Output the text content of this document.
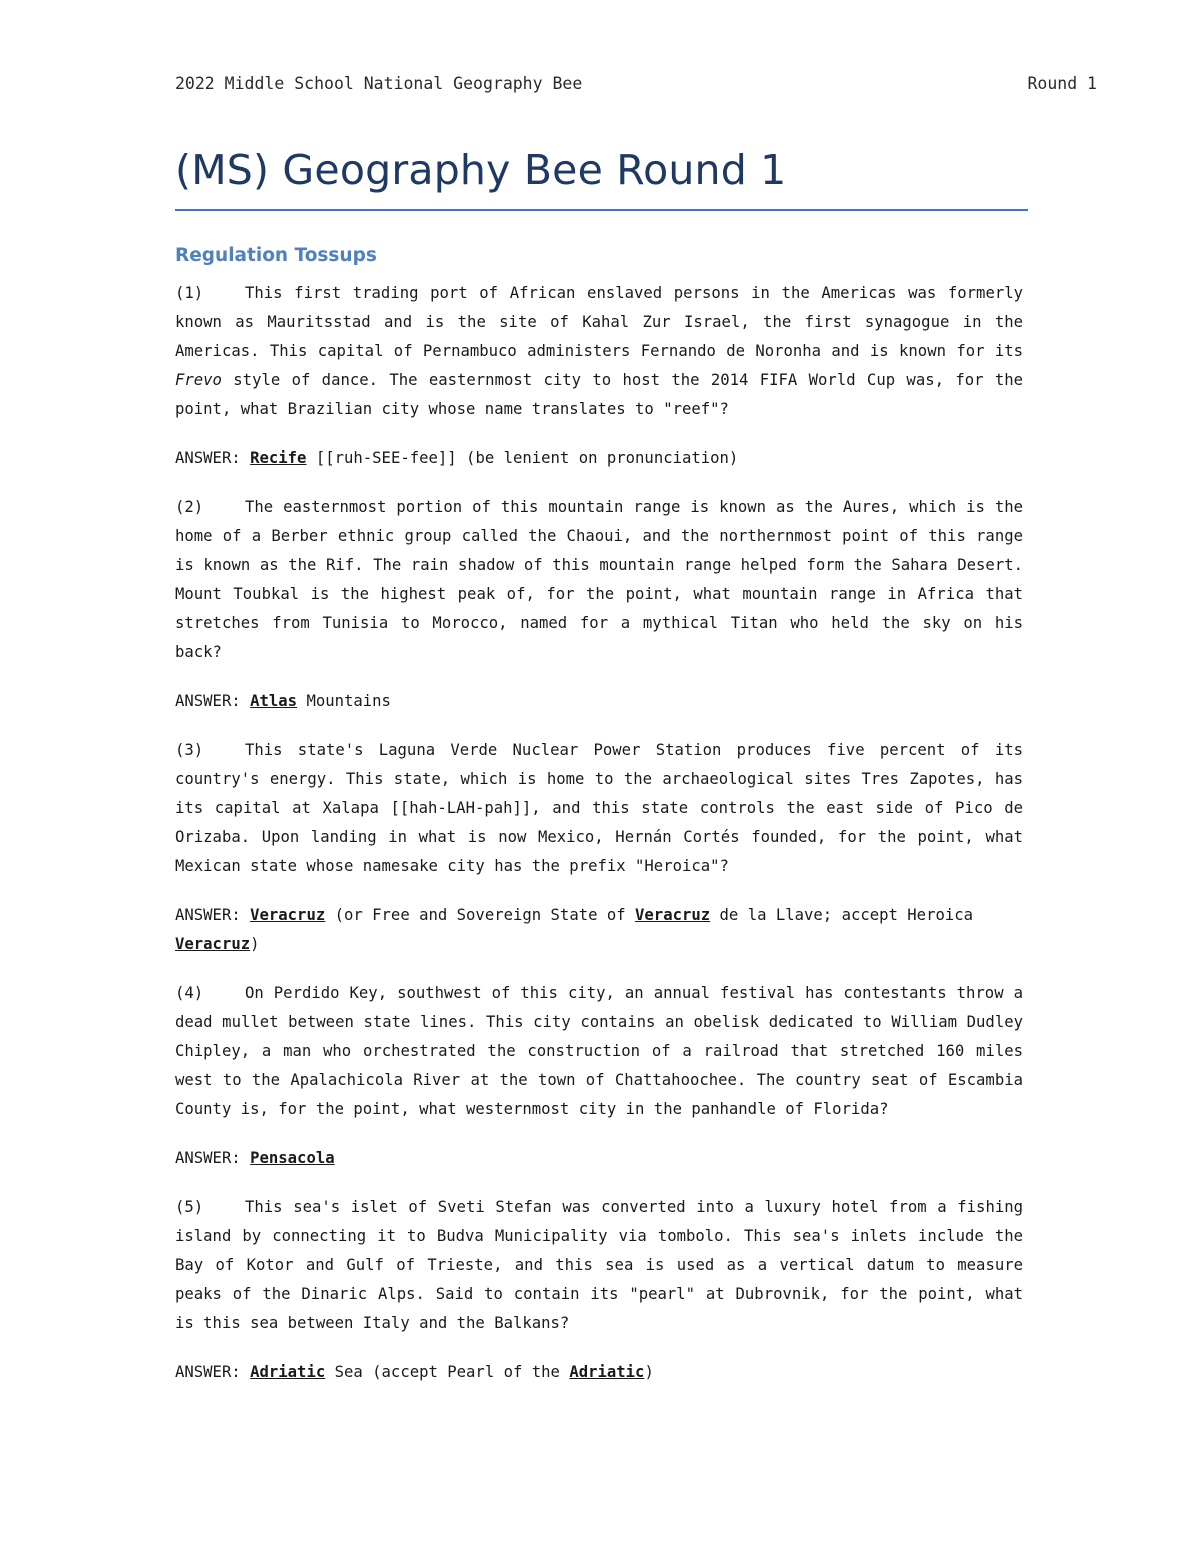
2022 Middle School National Geography Bee	Round 1
(MS) Geography Bee Round 1
Regulation Tossups

(1)	This first trading port of African enslaved persons in the Americas was formerly known as Mauritsstad and is the site of Kahal Zur Israel, the first synagogue in the Americas. This capital of Pernambuco administers Fernando de Noronha and is known for its Frevo style of dance. The easternmost city to host the 2014 FIFA World Cup was, for the point, what Brazilian city whose name translates to "reef"?

ANSWER: Recife [[ruh-SEE-fee]] (be lenient on pronunciation)

(2)	The easternmost portion of this mountain range is known as the Aures, which is the home of a Berber ethnic group called the Chaoui, and the northernmost point of this range is known as the Rif. The rain shadow of this mountain range helped form the Sahara Desert. Mount Toubkal is the highest peak of, for the point, what mountain range in Africa that stretches from Tunisia to Morocco, named for a mythical Titan who held the sky on his back?

ANSWER: Atlas Mountains

(3)	This state's Laguna Verde Nuclear Power Station produces five percent of its country's energy. This state, which is home to the archaeological sites Tres Zapotes, has its capital at Xalapa [[hah-LAH-pah]], and this state controls the east side of Pico de Orizaba. Upon landing in what is now Mexico, Hernán Cortés founded, for the point, what Mexican state whose namesake city has the prefix "Heroica"?

ANSWER: Veracruz (or Free and Sovereign State of Veracruz de la Llave; accept Heroica Veracruz)

(4)	On Perdido Key, southwest of this city, an annual festival has contestants throw a dead mullet between state lines. This city contains an obelisk dedicated to William Dudley Chipley, a man who orchestrated the construction of a railroad that stretched 160 miles west to the Apalachicola River at the town of Chattahoochee. The country seat of Escambia County is, for the point, what westernmost city in the panhandle of Florida?

ANSWER: Pensacola

(5)	This sea's islet of Sveti Stefan was converted into a luxury hotel from a fishing island by connecting it to Budva Municipality via tombolo. This sea's inlets include the Bay of Kotor and Gulf of Trieste, and this sea is used as a vertical datum to measure peaks of the Dinaric Alps. Said to contain its "pearl" at Dubrovnik, for the point, what is this sea between Italy and the Balkans?

ANSWER: Adriatic Sea (accept Pearl of the Adriatic)
